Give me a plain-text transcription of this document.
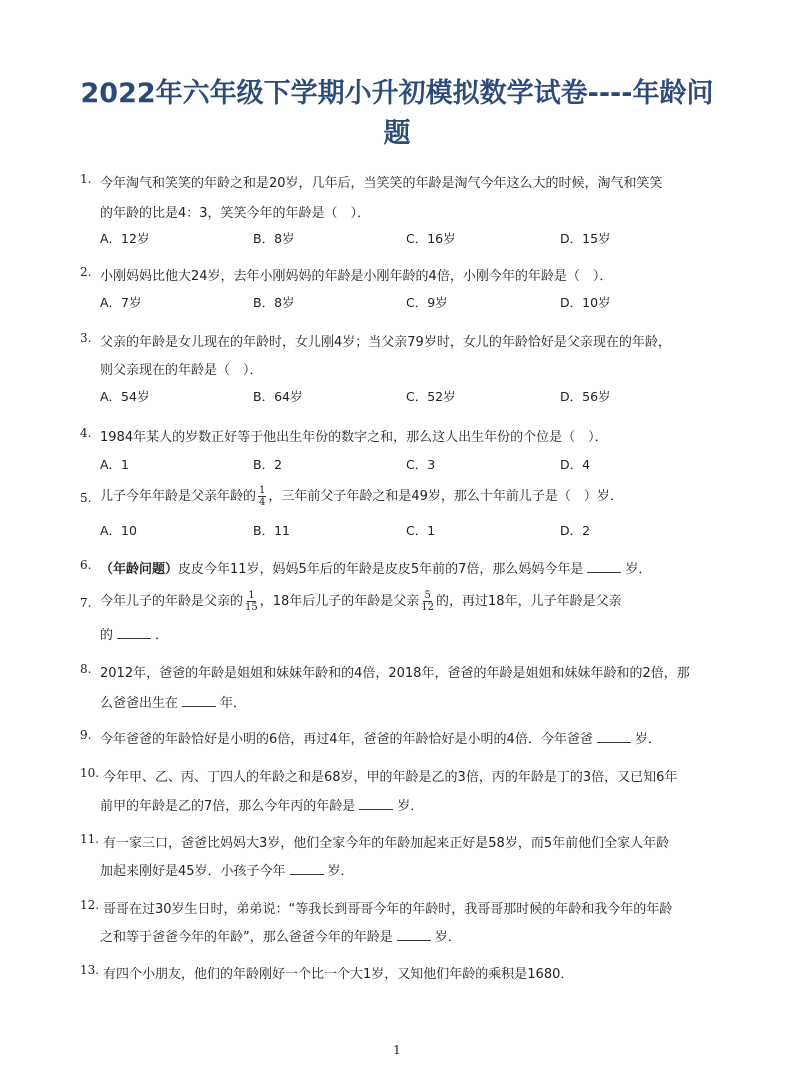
2022年六年级下学期小升初模拟数学试卷----年龄问
题
1. 今年淘气和笑笑的年龄之和是20岁，几年后，当笑笑的年龄是淘气今年这么大的时候，淘气和笑笑
的年龄的比是4：3，笑笑今年的年龄是（　）．
A．12岁	B．8岁	C．16岁	D．15岁
2. 小刚妈妈比他大24岁，去年小刚妈妈的年龄是小刚年龄的4倍，小刚今年的年龄是（　）．
A．7岁	B．8岁	C．9岁	D．10岁
3. 父亲的年龄是女儿现在的年龄时，女儿刚4岁；当父亲79岁时，女儿的年龄恰好是父亲现在的年龄，
则父亲现在的年龄是（　）．
A．54岁	B．64岁	C．52岁	D．56岁
4. 1984年某人的岁数正好等于他出生年份的数字之和，那么这人出生年份的个位是（　）．
A．1	B．2	C．3	D．4
5. 儿子今年年龄是父亲年龄的 $\frac{1}{4}$ ，三年前父子年龄之和是49岁，那么十年前儿子是（　）岁．
A．10	B．11	C．1	D．2
6. （年龄问题）皮皮今年11岁，妈妈5年后的年龄是皮皮5年前的7倍，那么妈妈今年是	岁．
7. 今年儿子的年龄是父亲的 $\frac{1}{15}$ ，18年后儿子的年龄是父亲 $\frac{5}{12}$ 的，再过18年，儿子年龄是父亲
的	．
8. 2012年，爸爸的年龄是姐姐和妹妹年龄和的4倍，2018年，爸爸的年龄是姐姐和妹妹年龄和的2倍，那
么爸爸出生在	年．
9. 今年爸爸的年龄恰好是小明的6倍，再过4年，爸爸的年龄恰好是小明的4倍．今年爸爸	岁．
10. 今年甲、乙、丙、丁四人的年龄之和是68岁，甲的年龄是乙的3倍，丙的年龄是丁的3倍，又已知6年
前甲的年龄是乙的7倍，那么今年丙的年龄是	岁．
11. 有一家三口，爸爸比妈妈大3岁，他们全家今年的年龄加起来正好是58岁，而5年前他们全家人年龄
加起来刚好是45岁．小孩子今年	岁．
12. 哥哥在过30岁生日时，弟弟说：“等我长到哥哥今年的年龄时，我哥哥那时候的年龄和我今年的年龄
之和等于爸爸今年的年龄”，那么爸爸今年的年龄是	岁．
13. 有四个小朋友，他们的年龄刚好一个比一个大1岁，又知他们年龄的乘积是1680．
1
